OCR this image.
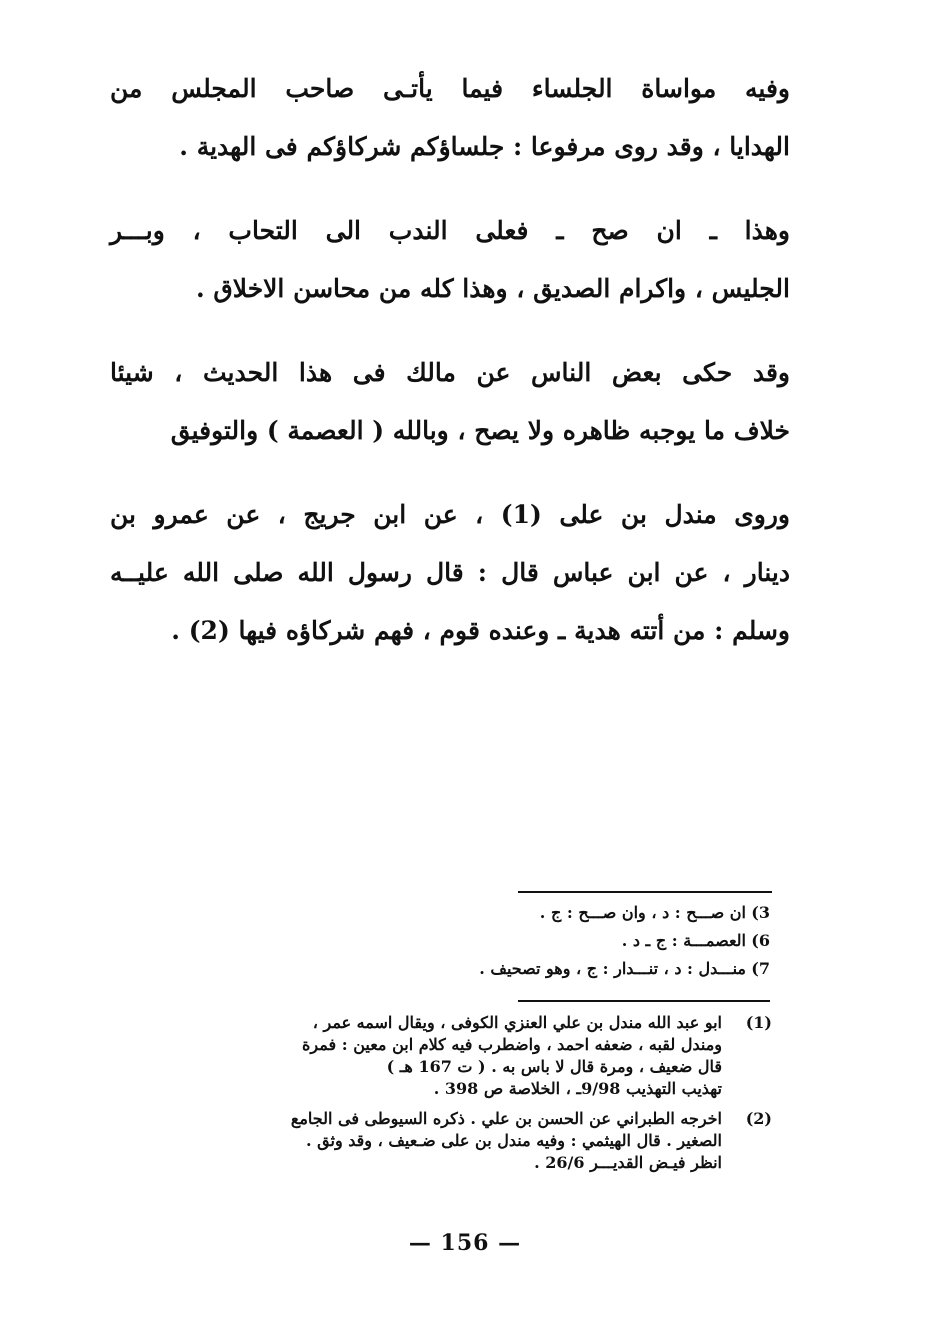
وفيه مواساة الجلساء فيما يأتـى صاحب المجلس من
الهدايا ، وقد روى مرفوعا : جلساؤكم شركاؤكم فى الهدية .
وهذا ـ ان صح ـ فعلى الندب الى التحاب ، وبـــر
الجليس ، واكرام الصديق ، وهذا كله من محاسن الاخلاق .
وقد حكى بعض الناس عن مالك فى هذا الحديث ، شيئا
خلاف ما يوجبه ظاهره ولا يصح ، وبالله ( العصمة ) والتوفيق
وروى مندل بن على (1) ، عن ابن جريج ، عن عمرو بن
دينار ، عن ابن عباس قال : قال رسول الله صلى الله عليــه
وسلم : من أتته هدية ـ وعنده قوم ، فهم شركاؤه فيها (2) .
3)
ان صـــح : د ، وان صـــح : ج .
6)
العصمـــة : ج ـ د .
7)
منـــدل : د ، تنـــدار : ج ، وهو تصحيف .
(1)
ابو عبد الله مندل بن علي العنزي الكوفى ، ويقال اسمه عمر ،
ومندل لقبه ، ضعفه احمد ، واضطرب فيه كلام ابن معين : فمرة
قال ضعيف ، ومرة قال لا باس به . ( ت 167 هـ )
تهذيب التهذيب 9/98ـ ، الخلاصة ص 398 .
(2)
اخرجه الطبراني عن الحسن بن علي . ذكره السيوطى فى الجامع
الصغير . قال الهيثمي : وفيه مندل بن على ضـعيف ، وقد وثق .
انظر فيـض القديـــر 26/6 .
— 156 —
